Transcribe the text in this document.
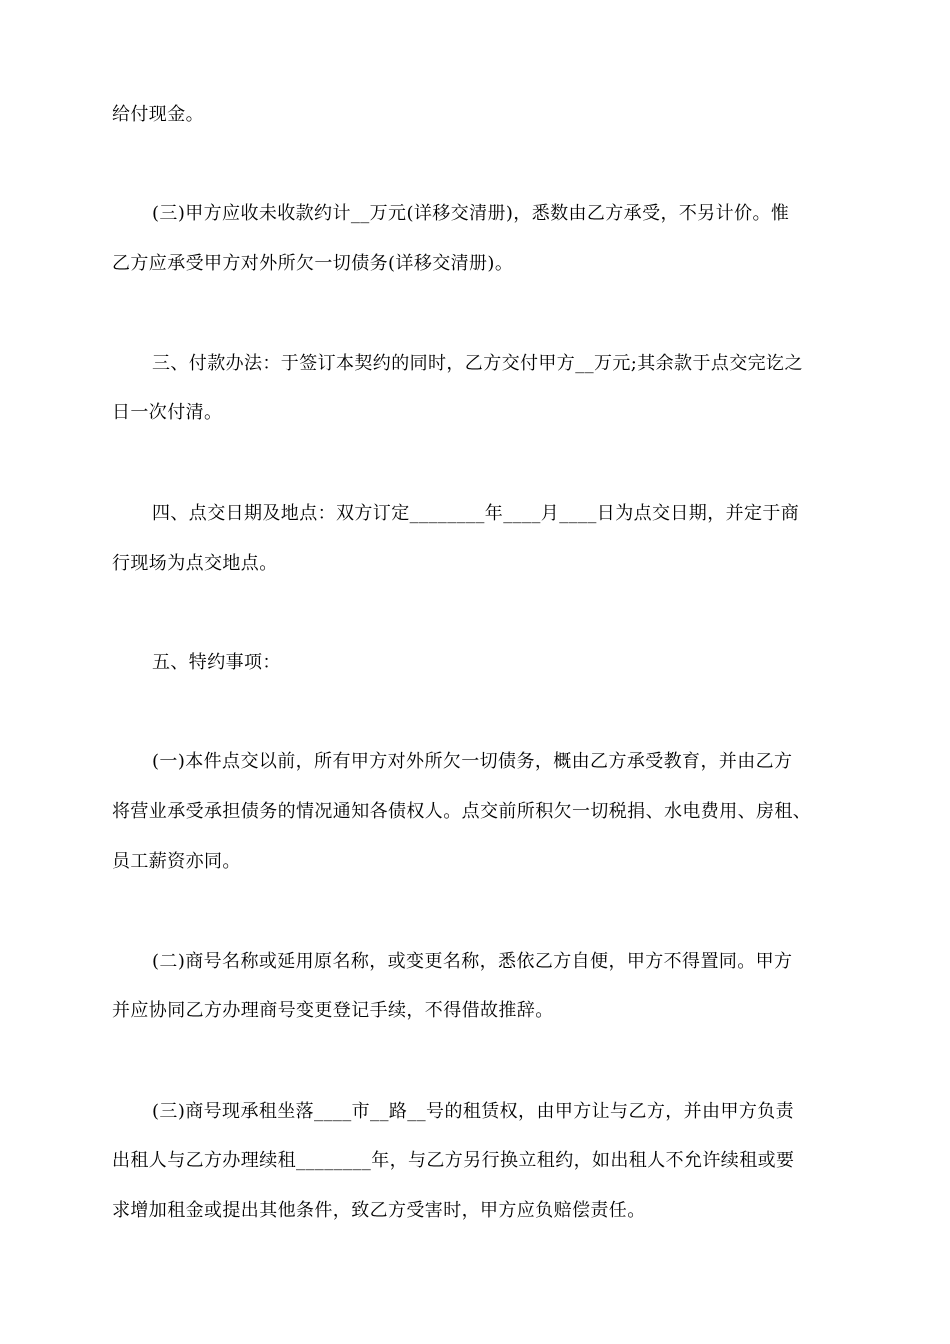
给付现金。
(三)甲方应收未收款约计__万元(详移交清册)，悉数由乙方承受，不另计价。惟
乙方应承受甲方对外所欠一切债务(详移交清册)。
三、付款办法：于签订本契约的同时，乙方交付甲方__万元;其余款于点交完讫之
日一次付清。
四、点交日期及地点：双方订定________年____月____日为点交日期，并定于商
行现场为点交地点。
五、特约事项：
(一)本件点交以前，所有甲方对外所欠一切债务，概由乙方承受教育，并由乙方
将营业承受承担债务的情况通知各债权人。点交前所积欠一切税捐、水电费用、房租、
员工薪资亦同。
(二)商号名称或延用原名称，或变更名称，悉依乙方自便，甲方不得置同。甲方
并应协同乙方办理商号变更登记手续，不得借故推辞。
(三)商号现承租坐落____市__路__号的租赁权，由甲方让与乙方，并由甲方负责
出租人与乙方办理续租________年，与乙方另行换立租约，如出租人不允许续租或要
求增加租金或提出其他条件，致乙方受害时，甲方应负赔偿责任。
